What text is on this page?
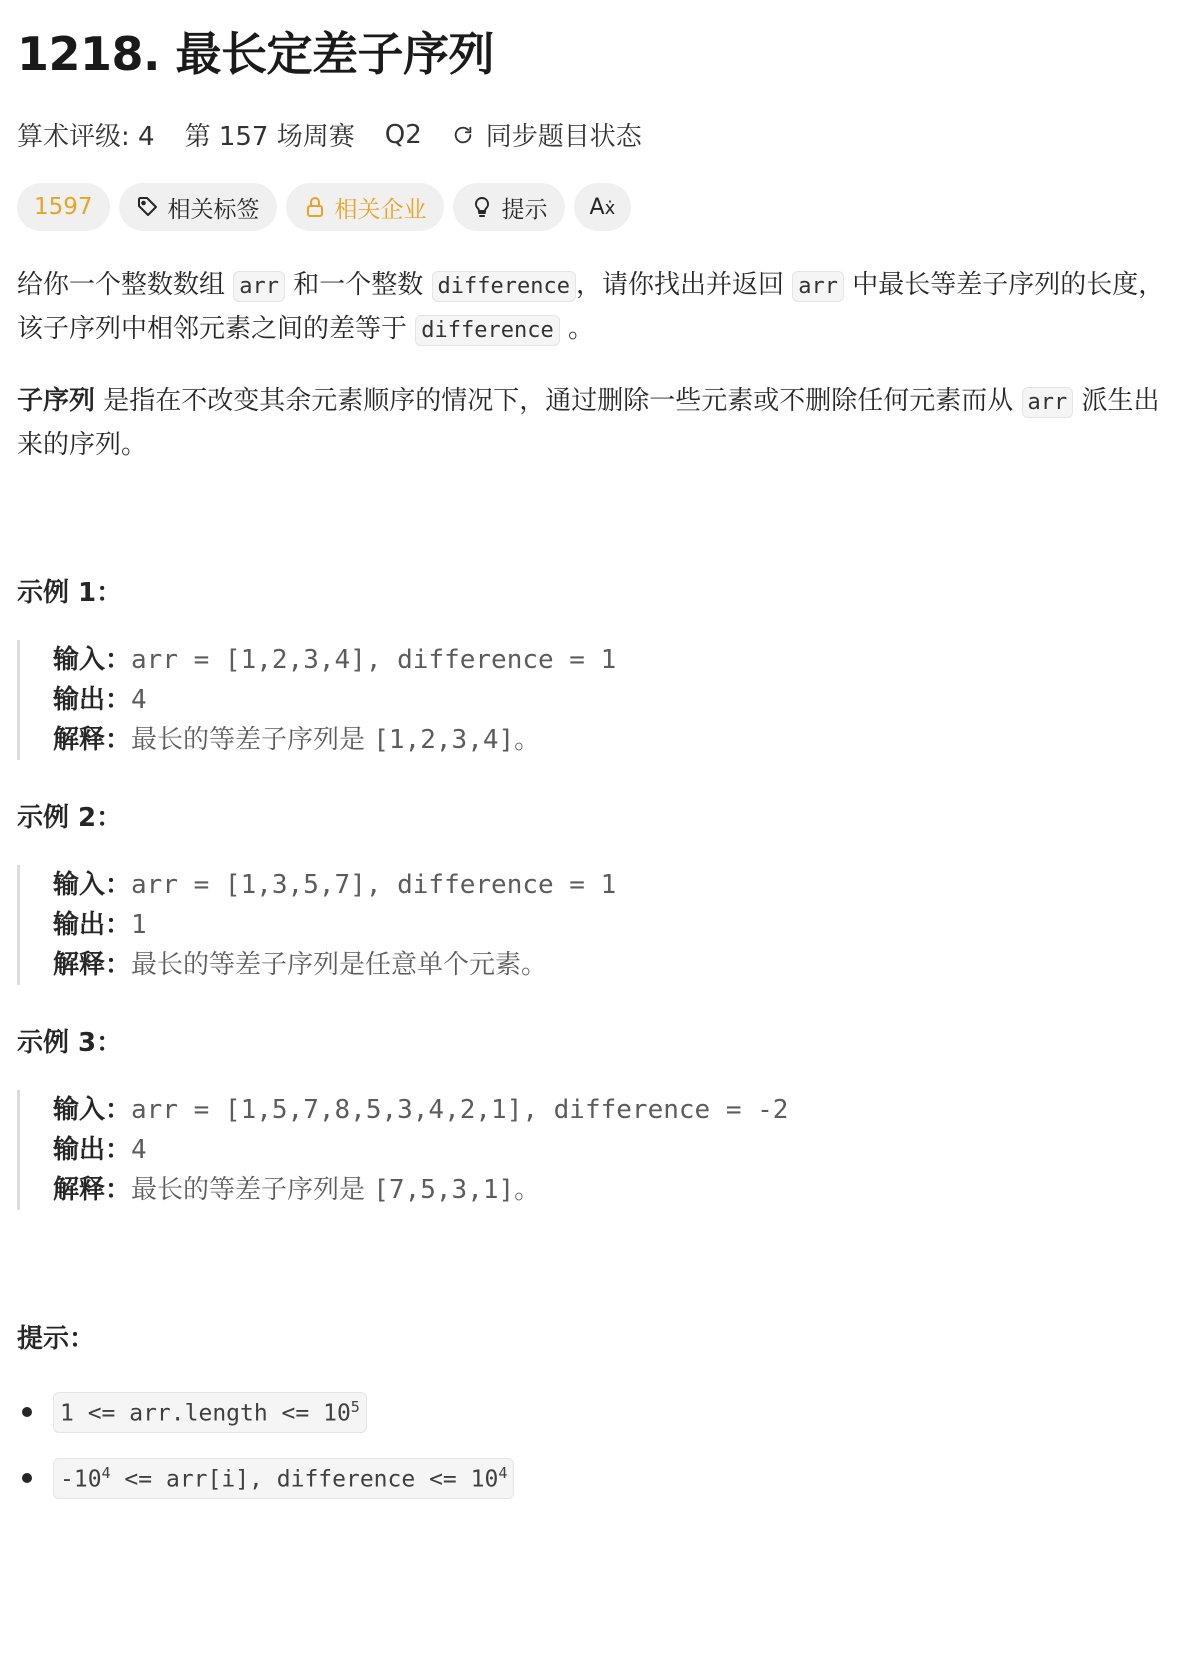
1218. 最长定差子序列
算术评级: 4 第 157 场周赛 Q2 同步题目状态
1597	相关标签	相关企业	提示 Aẋ
给你一个整数数组 arr 和一个整数 difference ，请你找出并返回 arr 中最长等差子序列的长度，该子序列中相邻元素之间的差等于 difference 。
子序列 是指在不改变其余元素顺序的情况下，通过删除一些元素或不删除任何元素而从 arr 派生出来的序列。
示例 1：
输入：arr = [1,2,3,4], difference = 1
输出：4
解释：最长的等差子序列是 [1,2,3,4]。
示例 2：
输入：arr = [1,3,5,7], difference = 1
输出：1
解释：最长的等差子序列是任意单个元素。
示例 3：
输入：arr = [1,5,7,8,5,3,4,2,1], difference = -2
输出：4
解释：最长的等差子序列是 [7,5,3,1]。
提示：
1 <= arr.length <= $10^5$
$-10^4 <= arr[i]$, difference <= $10^4$
